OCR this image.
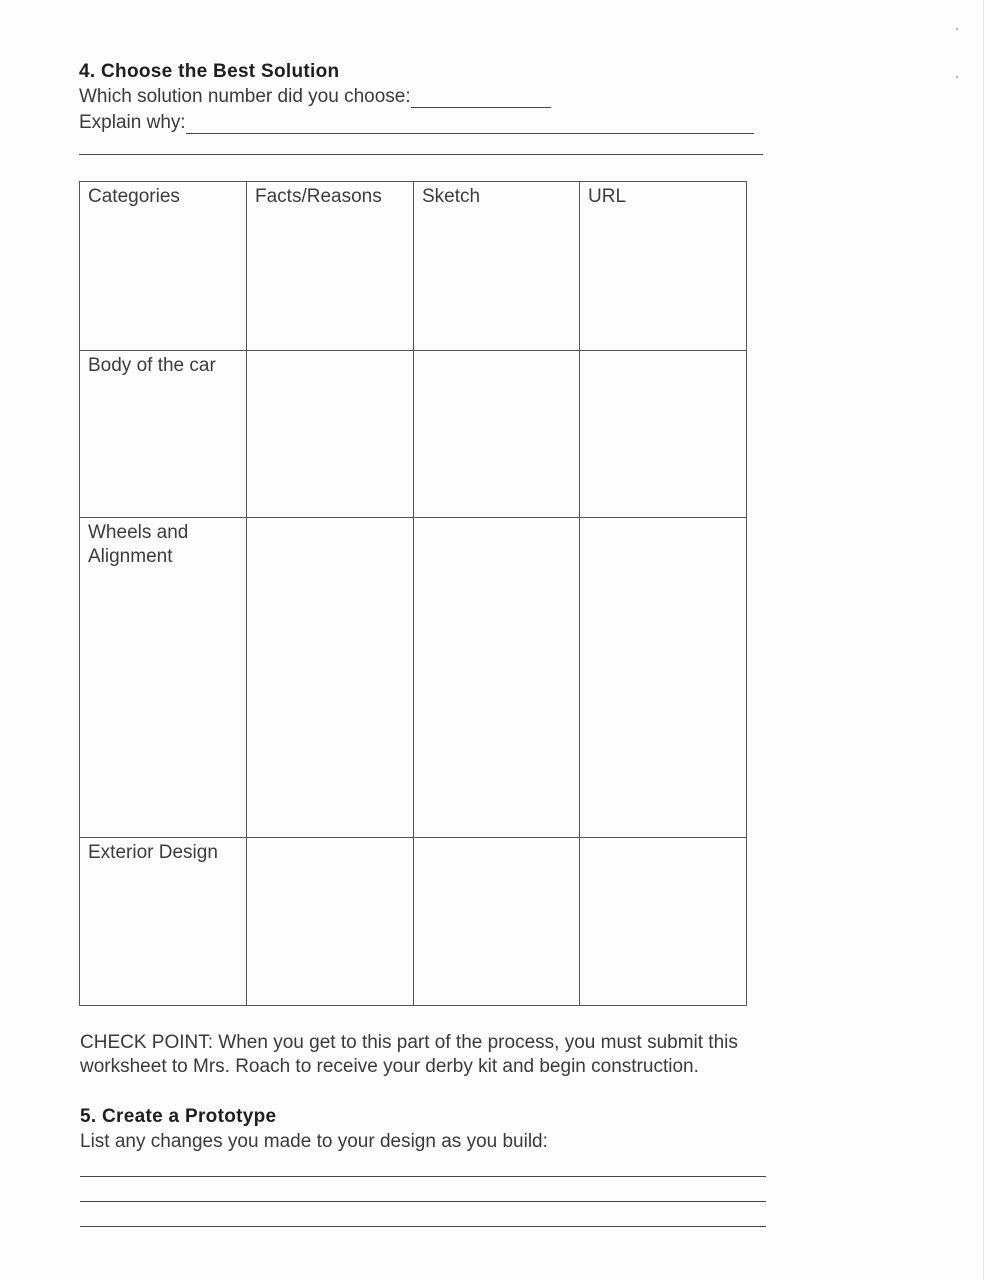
4. Choose the Best Solution
Which solution number did you choose:
Explain why:
Categories	Facts/Reasons	Sketch	URL
Body of the car			
Wheels and Alignment			
Exterior Design			
CHECK POINT: When you get to this part of the process, you must submit this worksheet to Mrs. Roach to receive your derby kit and begin construction.
5. Create a Prototype
List any changes you made to your design as you build:
